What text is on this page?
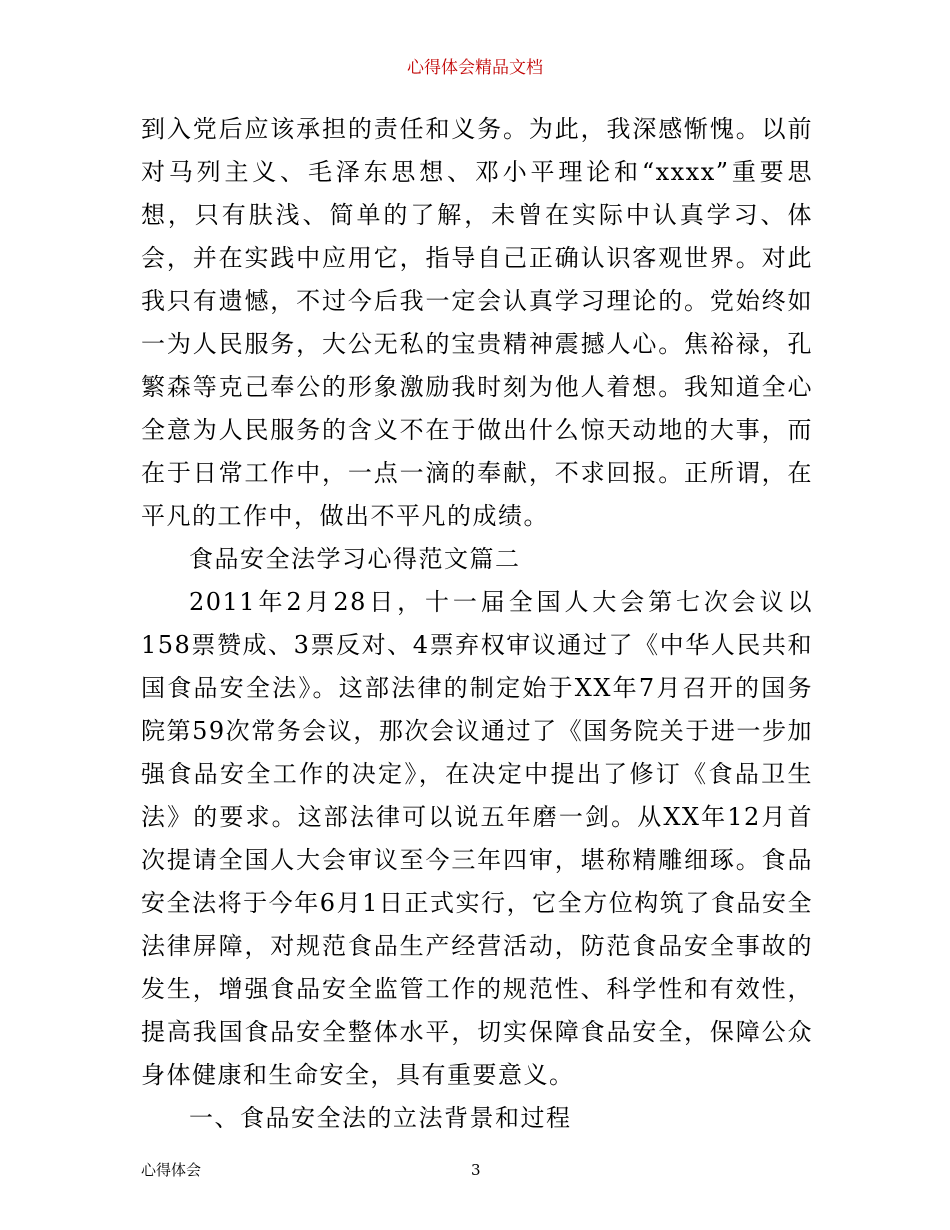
心得体会精品文档

到入党后应该承担的责任和义务。为此，我深感惭愧。以前对马列主义、毛泽东思想、邓小平理论和“xxxx”重要思想，只有肤浅、简单的了解，未曾在实际中认真学习、体会，并在实践中应用它，指导自己正确认识客观世界。对此我只有遗憾，不过今后我一定会认真学习理论的。党始终如一为人民服务，大公无私的宝贵精神震撼人心。焦裕禄，孔繁森等克己奉公的形象激励我时刻为他人着想。我知道全心全意为人民服务的含义不在于做出什么惊天动地的大事，而在于日常工作中，一点一滴的奉献，不求回报。正所谓，在平凡的工作中，做出不平凡的成绩。

食品安全法学习心得范文篇二

2011年2月28日，十一届全国人大会第七次会议以158票赞成、3票反对、4票弃权审议通过了《中华人民共和国食品安全法》。这部法律的制定始于XX年7月召开的国务院第59次常务会议，那次会议通过了《国务院关于进一步加强食品安全工作的决定》，在决定中提出了修订《食品卫生法》的要求。这部法律可以说五年磨一剑。从XX年12月首次提请全国人大会审议至今三年四审，堪称精雕细琢。食品安全法将于今年6月1日正式实行，它全方位构筑了食品安全法律屏障，对规范食品生产经营活动，防范食品安全事故的发生，增强食品安全监管工作的规范性、科学性和有效性，提高我国食品安全整体水平，切实保障食品安全，保障公众身体健康和生命安全，具有重要意义。

一、食品安全法的立法背景和过程

心得体会	3
